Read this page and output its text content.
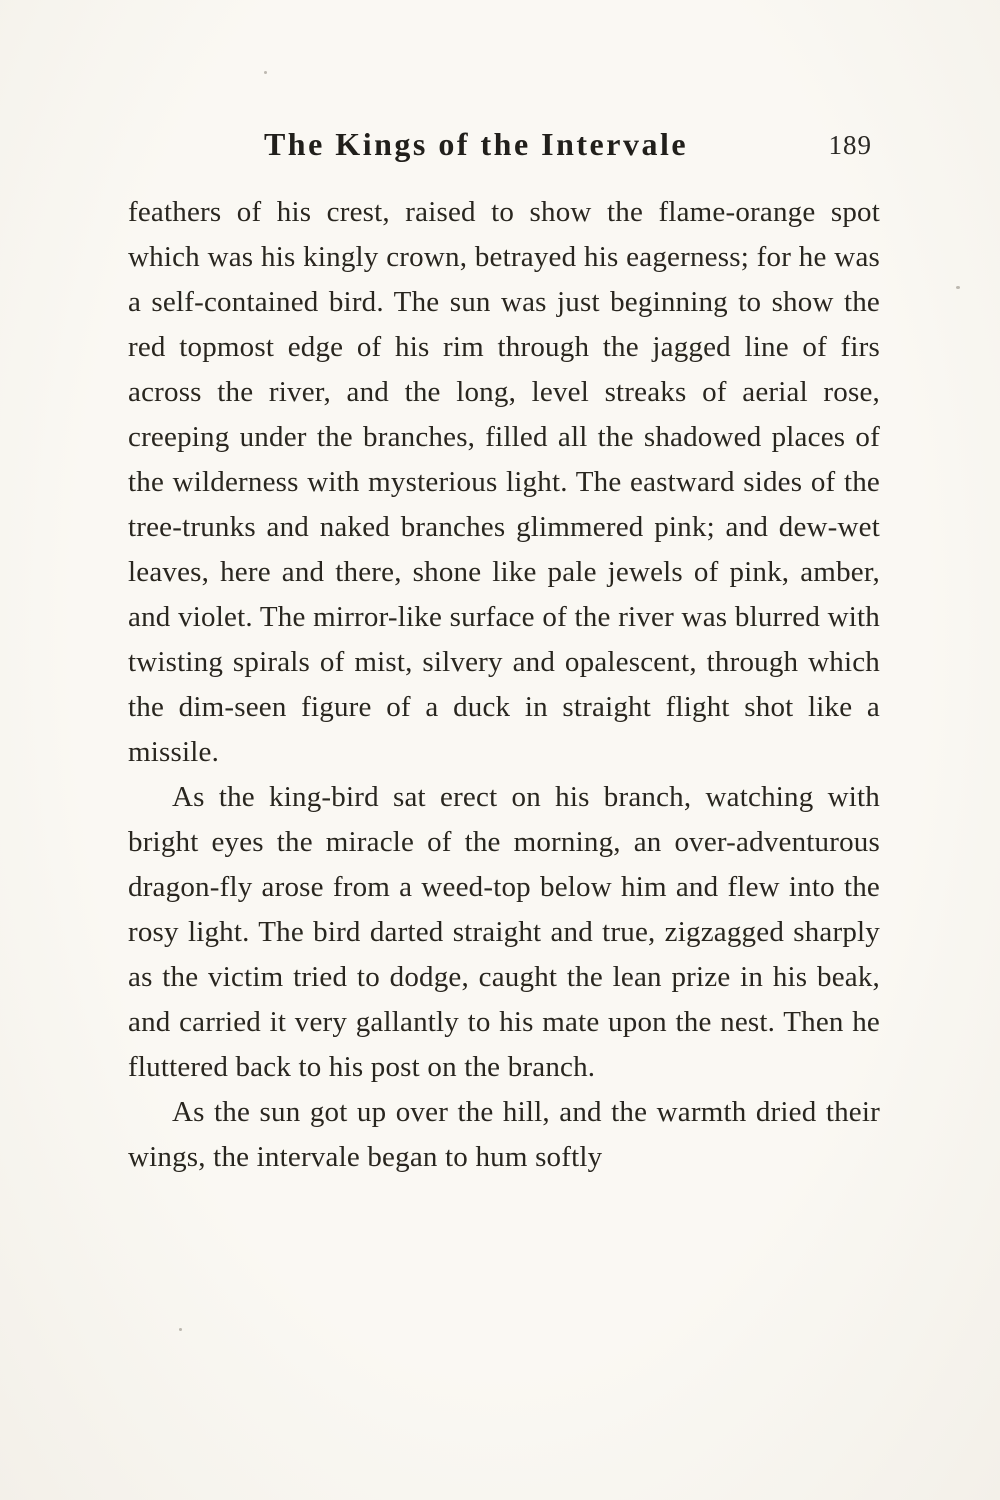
The Kings of the Intervale	189

feathers of his crest, raised to show the flame-orange spot which was his kingly crown, betrayed his eagerness; for he was a self-contained bird. The sun was just beginning to show the red topmost edge of his rim through the jagged line of firs across the river, and the long, level streaks of aerial rose, creeping under the branches, filled all the shadowed places of the wilderness with mysterious light. The eastward sides of the tree-trunks and naked branches glimmered pink; and dew-wet leaves, here and there, shone like pale jewels of pink, amber, and violet. The mirror-like surface of the river was blurred with twisting spirals of mist, silvery and opalescent, through which the dim-seen figure of a duck in straight flight shot like a missile.

As the king-bird sat erect on his branch, watching with bright eyes the miracle of the morning, an over-adventurous dragon-fly arose from a weed-top below him and flew into the rosy light. The bird darted straight and true, zigzagged sharply as the victim tried to dodge, caught the lean prize in his beak, and carried it very gallantly to his mate upon the nest. Then he fluttered back to his post on the branch.

As the sun got up over the hill, and the warmth dried their wings, the intervale began to hum softly
